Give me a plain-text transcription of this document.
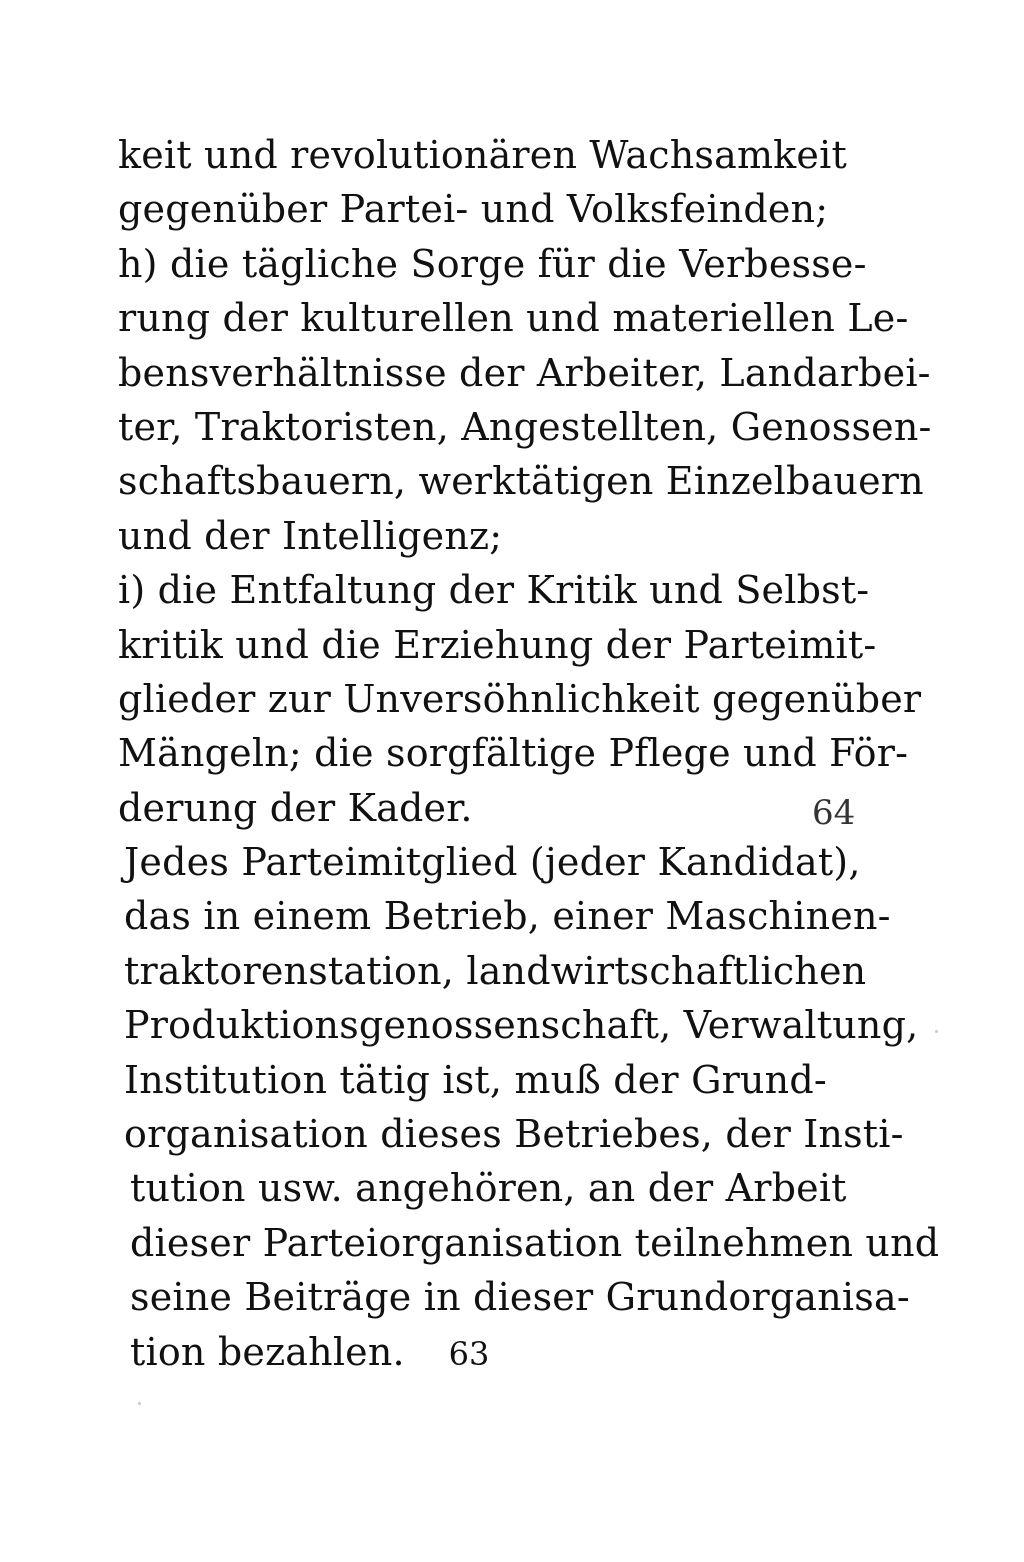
keit und revolutionären Wachsamkeit
gegenüber Partei- und Volksfeinden;
h) die tägliche Sorge für die Verbesse-
rung der kulturellen und materiellen Le-
bensverhältnisse der Arbeiter, Landarbei-
ter, Traktoristen, Angestellten, Genossen-
schaftsbauern, werktätigen Einzelbauern
und der Intelligenz;
i) die Entfaltung der Kritik und Selbst-
kritik und die Erziehung der Parteimit-
glieder zur Unversöhnlichkeit gegenüber
Mängeln; die sorgfältige Pflege und För-
derung der Kader.
Jedes Parteimitglied (jeder Kandidat),
das in einem Betrieb, einer Maschinen-
traktorenstation, landwirtschaftlichen
Produktionsgenossenschaft, Verwaltung,
Institution tätig ist, muß der Grund-
organisation dieses Betriebes, der Insti-
tution usw. angehören, an der Arbeit
dieser Parteiorganisation teilnehmen und
seine Beiträge in dieser Grundorganisa-
tion bezahlen.
64
63
